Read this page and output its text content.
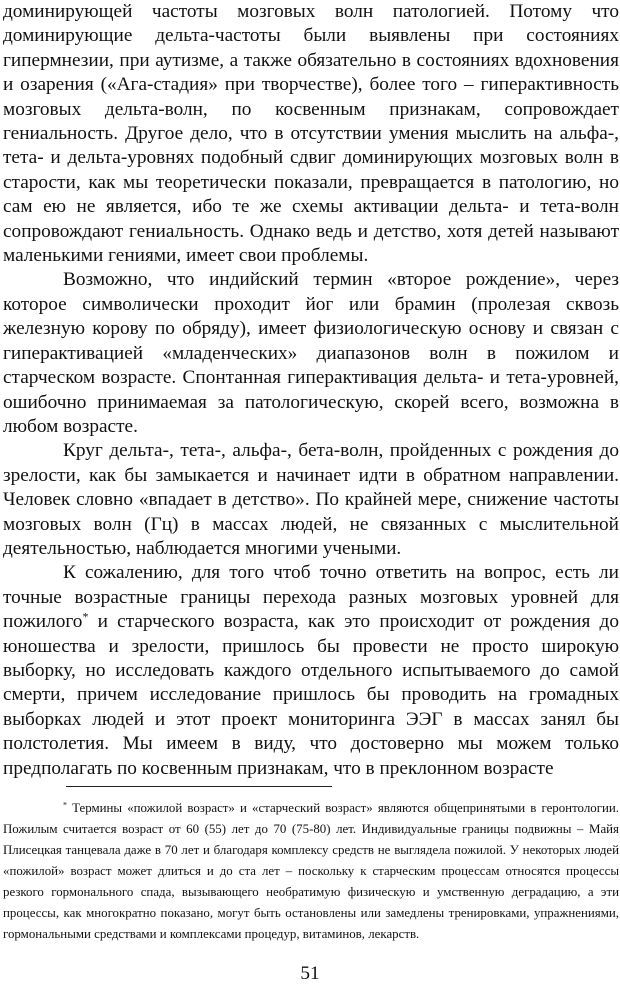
доминирующей частоты мозговых волн патологией. Потому что доминирующие дельта-частоты были выявлены при состояниях гипермнезии, при аутизме, а также обязательно в состояниях вдохновения и озарения («Ага-стадия» при творчестве), более того – гиперактивность мозговых дельта-волн, по косвенным признакам, сопровождает гениальность. Другое дело, что в отсутствии умения мыслить на альфа-, тета- и дельта-уровнях подобный сдвиг доминирующих мозговых волн в старости, как мы теоретически показали, превращается в патологию, но сам ею не является, ибо те же схемы активации дельта- и тета-волн сопровождают гениальность. Однако ведь и детство, хотя детей называют маленькими гениями, имеет свои проблемы.

Возможно, что индийский термин «второе рождение», через которое символически проходит йог или брамин (пролезая сквозь железную корову по обряду), имеет физиологическую основу и связан с гиперактивацией «младенческих» диапазонов волн в пожилом и старческом возрасте. Спонтанная гиперактивация дельта- и тета-уровней, ошибочно принимаемая за патологическую, скорей всего, возможна в любом возрасте.

Круг дельта-, тета-, альфа-, бета-волн, пройденных с рождения до зрелости, как бы замыкается и начинает идти в обратном направлении. Человек словно «впадает в детство». По крайней мере, снижение частоты мозговых волн (Гц) в массах людей, не связанных с мыслительной деятельностью, наблюдается многими учеными.

К сожалению, для того чтоб точно ответить на вопрос, есть ли точные возрастные границы перехода разных мозговых уровней для пожилого* и старческого возраста, как это происходит от рождения до юношества и зрелости, пришлось бы провести не просто широкую выборку, но исследовать каждого отдельного испытываемого до самой смерти, причем исследование пришлось бы проводить на громадных выборках людей и этот проект мониторинга ЭЭГ в массах занял бы полстолетия. Мы имеем в виду, что достоверно мы можем только предполагать по косвенным признакам, что в преклонном возрасте

* Термины «пожилой возраст» и «старческий возраст» являются общепринятыми в геронтологии. Пожилым считается возраст от 60 (55) лет до 70 (75-80) лет. Индивидуальные границы подвижны – Майя Плисецкая танцевала даже в 70 лет и благодаря комплексу средств не выглядела пожилой. У некоторых людей «пожилой» возраст может длиться и до ста лет – поскольку к старческим процессам относятся процессы резкого гормонального спада, вызывающего необратимую физическую и умственную деградацию, а эти процессы, как многократно показано, могут быть остановлены или замедлены тренировками, упражнениями, гормональными средствами и комплексами процедур, витаминов, лекарств.

51
